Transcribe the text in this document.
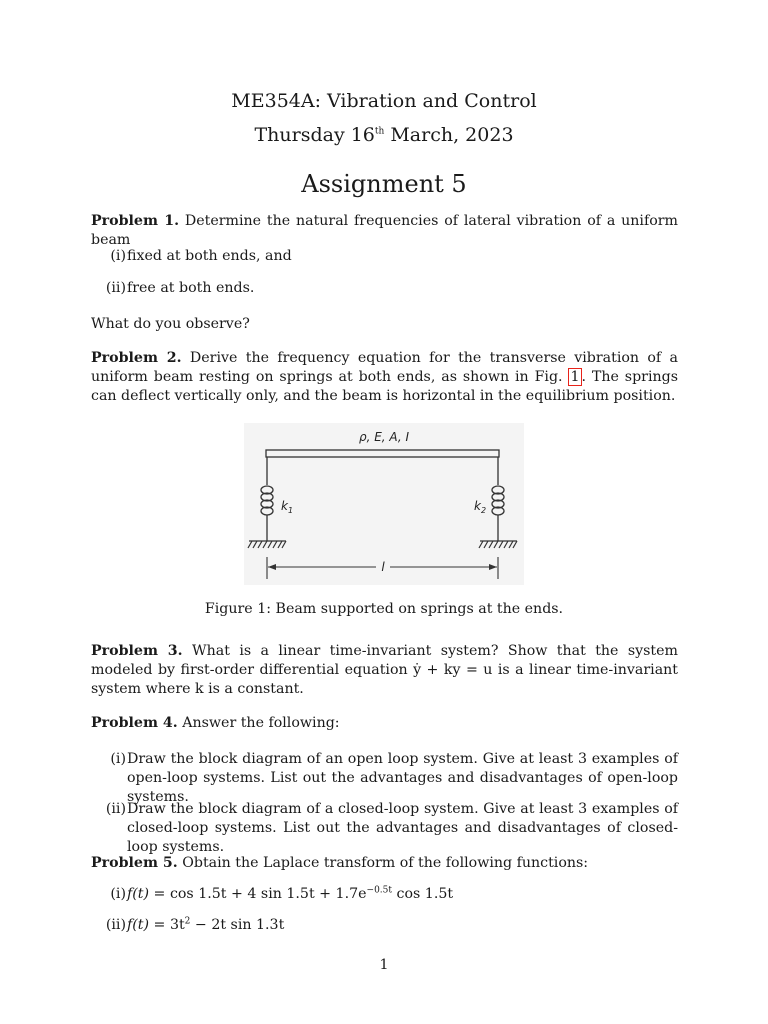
ME354A: Vibration and Control
Thursday 16th March, 2023
Assignment 5
Problem 1. Determine the natural frequencies of lateral vibration of a uniform beam
(i) fixed at both ends, and
(ii) free at both ends.
What do you observe?
Problem 2. Derive the frequency equation for the transverse vibration of a uniform beam resting on springs at both ends, as shown in Fig. 1 . The springs can deflect vertically only, and the beam is horizontal in the equilibrium position.
ρ, E, A, I
$k_1$	$k_2$
l
Figure 1: Beam supported on springs at the ends.
Problem 3. What is a linear time-invariant system? Show that the system modeled by first-order differential equation ẏ + ky = u is a linear time-invariant system where k is a constant.
Problem 4. Answer the following:
(i) Draw the block diagram of an open loop system. Give at least 3 examples of open-loop systems. List out the advantages and disadvantages of open-loop systems.
(ii) Draw the block diagram of a closed-loop system. Give at least 3 examples of closed-loop systems. List out the advantages and disadvantages of closed-loop systems.
Problem 5. Obtain the Laplace transform of the following functions:
(i) f(t) = cos 1.5t + 4 $\sin 1.5t + 1.7e^{-0.5t}$ cos 1.5t
(ii) $f(t) = 3t^2 - 2t$ sin 1.3t
1
